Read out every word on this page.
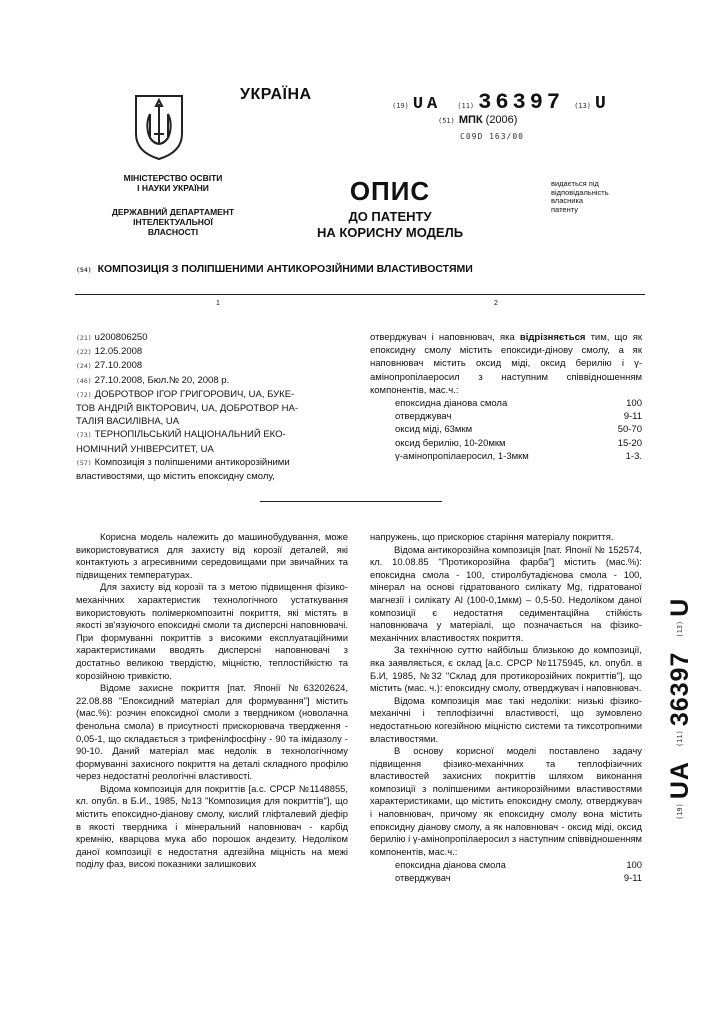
УКРАЇНА
(19) UA (11) 36397 (13) U
(51) МПК (2006)
C09D 163/00
МІНІСТЕРСТВО ОСВІТИ
І НАУКИ УКРАЇНИ
ДЕРЖАВНИЙ ДЕПАРТАМЕНТ
ІНТЕЛЕКТУАЛЬНОЇ
ВЛАСНОСТІ
ОПИС
ДО ПАТЕНТУ
НА КОРИСНУ МОДЕЛЬ
видається під
відповідальність
власника
патенту
(54) КОМПОЗИЦІЯ З ПОЛІПШЕНИМИ АНТИКОРОЗІЙНИМИ ВЛАСТИВОСТЯМИ
1	2
(21) u200806250
(22) 12.05.2008
(24) 27.10.2008
(46) 27.10.2008, Бюл.№ 20, 2008 р.
(72) ДОБРОТВОР ІГОР ГРИГОРОВИЧ, UA, БУКЕ-
ТОВ АНДРІЙ ВІКТОРОВИЧ, UA, ДОБРОТВОР НА-
ТАЛІЯ ВАСИЛІВНА, UA
(73) ТЕРНОПІЛЬСЬКИЙ НАЦІОНАЛЬНИЙ ЕКО-
НОМІЧНИЙ УНІВЕРСИТЕТ, UA
(57) Композиція з поліпшеними антикорозійними
властивостями, що містить епоксидну смолу,
отверджувач і наповнювач, яка відрізняється тим, що як епоксидну смолу містить епоксиди-дінову смолу, а як наповнювач містить оксид міді, оксид берилію і γ-амінопропілаеросил з наступним співвідношенням компонентів, мас.ч.:
епоксидна діанова смола	100
отверджувач	9-11
оксид міді, 63мкм	50-70
оксид берилію, 10-20мкм	15-20
γ-амінопропілаеросил, 1-3мкм	1-3.

Корисна модель належить до машинобудування, може використовуватися для захисту від корозії деталей, які контактують з агресивними середовищами при звичайних та підвищених температурах.

Для захисту від корозії та з метою підвищення фізико-механічних характеристик технологічного устаткування використовують полімеркомпозитні покриття, які містять в якості зв'язуючого епоксидні смоли та дисперсні наповнювачі. При формуванні покриттів з високими експлуатаційними характеристиками вводять дисперсні наповнювачі з достатньо великою твердістю, міцністю, теплостійкістю та корозійною тривкістю.

Відоме захисне покриття [пат. Японії №63202624, 22.08.88 "Епоксидний матеріал для формування"] містить (мас.%): розчин епоксидної смоли з твердником (новолачна фенольна смола) в присутності прискорювача твердження - 0,05-1, що складається з трифенілфосфіну - 90 та імідазолу - 90-10. Даний матеріал має недолік в технологічному формуванні захисного покриття на деталі складного профілю через недостатні реологічні властивості.

Відома композиція для покриттів [а.с. СРСР №1148855, кл. опубл. в Б.И., 1985, №13 "Композиция для покриттів"], що містить епоксидно-діанову смолу, кислий гліфталевий діефір в якості твердника і мінеральний наповнювач - карбід кремнію, кварцова мука або порошок андезиту. Недоліком даної композиції є недостатня адгезійна міцність на межі поділу фаз, високі показники залишкових

напружень, що прискорює старіння матеріалу покриття.

Відома антикорозійна композиція [пат. Японії № 152574, кл. 10.08.85 "Протикорозійна фарба"] містить (мас.%): епоксидна смола - 100, стиролбутадієнова смола - 100, мінерал на основі гідратованого силікату Mg, гідратованої магнезії і силікату Al (100-0,1мкм) – 0,5-50. Недоліком даної композиції є недостатня седиментаційна стійкість наповнювача у матеріалі, що позначається на фізико-механічних властивостях покриття.

За технічною суттю найбільш близькою до композиції, яка заявляється, є склад [а.с. СРСР №1175945, кл. опубл. в Б.И, 1985, №32 "Склад для протикорозійних покриттів"], що містить (мас. ч.): епоксидну смолу, отверджувач і наповнювач.

Відома композиція має такі недоліки: низькі фізико-механічні і теплофізичні властивості, що зумовлено недостатньою когезійною міцністю системи та тиксотропними властивостями.

В основу корисної моделі поставлено задачу підвищення фізико-механічних та теплофізичних властивостей захисних покриттів шляхом виконання композиції з поліпшеними антикорозійними властивостями характеристиками, що містить епоксидну смолу, отверджувач і наповнювач, причому як епоксидну смолу вона містить епоксидну діанову смолу, а як наповнювач - оксид міді, оксид берилію і γ-амінопропілаеросил з наступним співвідношенням компонентів, мас.ч.:

епоксидна діанова смола	100
отверджувач	9-11
(19)
UA
(11)
36397
(13)
U
